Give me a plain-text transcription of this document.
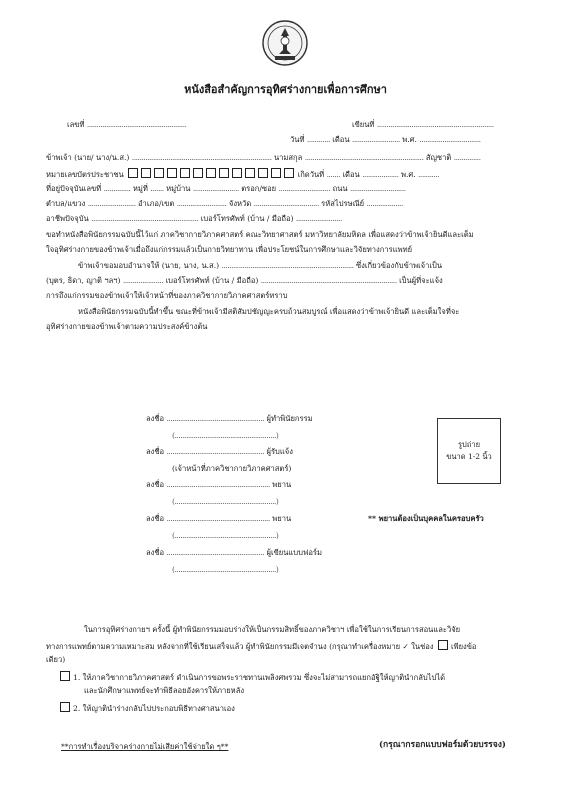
หนังสือสำคัญการอุทิศร่างกายเพื่อการศึกษา
เลขที่ ....................................................	เขียนที่ .............................................................
วันที่ ............ เดือน ......................... พ.ศ. ................................
ข้าพเจ้า (นาย/ นาง/น.ส.) ......................................................................... นามสกุล .............................................................. สัญชาติ ..............
หมายเลขบัตรประชาชน	เกิดวันที่ ....... เดือน ................... พ.ศ. ...........
ที่อยู่ปัจจุบันเลขที่ .............. หมู่ที่ ....... หมู่บ้าน ........................ ตรอก/ซอย ........................... ถนน .............................
ตำบล/แขวง ......................... อำเภอ/เขต .......................... จังหวัด .................................. รหัสไปรษณีย์ ...................
อาชีพปัจจุบัน ........................................................ เบอร์โทรศัพท์ (บ้าน / มือถือ) ........................
ขอทำหนังสือพินัยกรรมฉบับนี้ไว้แก่ ภาควิชากายวิภาคศาสตร์ คณะวิทยาศาสตร์ มหาวิทยาลัยมหิดล เพื่อแสดงว่าข้าพเจ้ายินดีและเต็ม
ใจอุทิศร่างกายของข้าพเจ้าเมื่อถึงแก่กรรมแล้วเป็นกายวิทยาทาน เพื่อประโยชน์ในการศึกษาและวิจัยทางการแพทย์
ข้าพเจ้าขอมอบอำนาจให้ (นาย, นาง, น.ส.) ..................................................................... ซึ่งเกี่ยวข้องกับข้าพเจ้าเป็น
(บุตร, ธิดา, ญาติ ฯลฯ) ..................... เบอร์โทรศัพท์ (บ้าน / มือถือ) ....................................................................... เป็นผู้ที่จะแจ้ง
การถึงแก่กรรมของข้าพเจ้าให้เจ้าหน้าที่ของภาควิชากายวิภาคศาสตร์ทราบ
หนังสือพินัยกรรมฉบับนี้ทำขึ้น ขณะที่ข้าพเจ้ามีสติสัมปชัญญะครบถ้วนสมบูรณ์ เพื่อแสดงว่าข้าพเจ้ายินดี และเต็มใจที่จะ
อุทิศร่างกายของข้าพเจ้าตามความประสงค์ข้างต้น
ลงชื่อ ................................................... ผู้ทำพินัยกรรม
(.....................................................)
ลงชื่อ ................................................... ผู้รับแจ้ง
(เจ้าหน้าที่ภาควิชากายวิภาคศาสตร์)
ลงชื่อ ...................................................... พยาน
(.....................................................)
ลงชื่อ ...................................................... พยาน	** พยานต้องเป็นบุคคลในครอบครัว
(.....................................................)
ลงชื่อ ................................................... ผู้เขียนแบบฟอร์ม
(.....................................................)
รูปถ่าย
ขนาด 1-2 นิ้ว
ในการอุทิศร่างกายฯ ครั้งนี้ ผู้ทำพินัยกรรมมอบร่างให้เป็นกรรมสิทธิ์ของภาควิชาฯ เพื่อใช้ในการเรียนการสอนและวิจัย
ทางการแพทย์ตามความเหมาะสม หลังจากที่ใช้เรียนเสร็จแล้ว ผู้ทำพินัยกรรมมีเจตจำนง (กรุณาทำเครื่องหมาย ✓ ในช่อง เพียงข้อ
เดียว)
1. ให้ภาควิชากายวิภาคศาสตร์ ดำเนินการขอพระราชทานเพลิงศพรวม ซึ่งจะไม่สามารถแยกอัฐิให้ญาตินำกลับไปได้
และนักศึกษาแพทย์จะทำพิธีลอยอังคารให้ภายหลัง
2. ให้ญาตินำร่างกลับไปประกอบพิธีทางศาสนาเอง
**การทำเรื่องบริจาคร่างกายไม่เสียค่าใช้จ่ายใด ๆ**	(กรุณากรอกแบบฟอร์มด้วยบรรจง)
